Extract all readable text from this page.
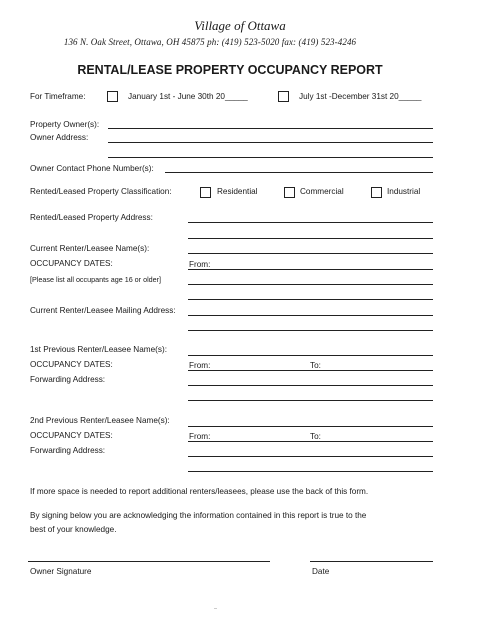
Village of Ottawa
136 N. Oak Street, Ottawa, OH 45875 ph: (419) 523-5020 fax: (419) 523-4246
RENTAL/LEASE PROPERTY OCCUPANCY REPORT
For Timeframe:	January 1st - June 30th 20_____	July 1st -December 31st 20_____
Property Owner(s):
Owner Address:
Owner Contact Phone Number(s):
Rented/Leased Property Classification:	Residential	Commercial	Industrial
Rented/Leased Property Address:
Current Renter/Leasee Name(s):
OCCUPANCY DATES:	From:
[Please list all occupants age 16 or older]
Current Renter/Leasee Mailing Address:
1st Previous Renter/Leasee Name(s):
OCCUPANCY DATES:	From:	To:
Forwarding Address:
2nd Previous Renter/Leasee Name(s):
OCCUPANCY DATES:	From:	To:
Forwarding Address:
If more space is needed to report additional renters/leasees, please use the back of this form.
By signing below you are acknowledging the information contained in this report is true to the
best of your knowledge.
Owner Signature	Date
